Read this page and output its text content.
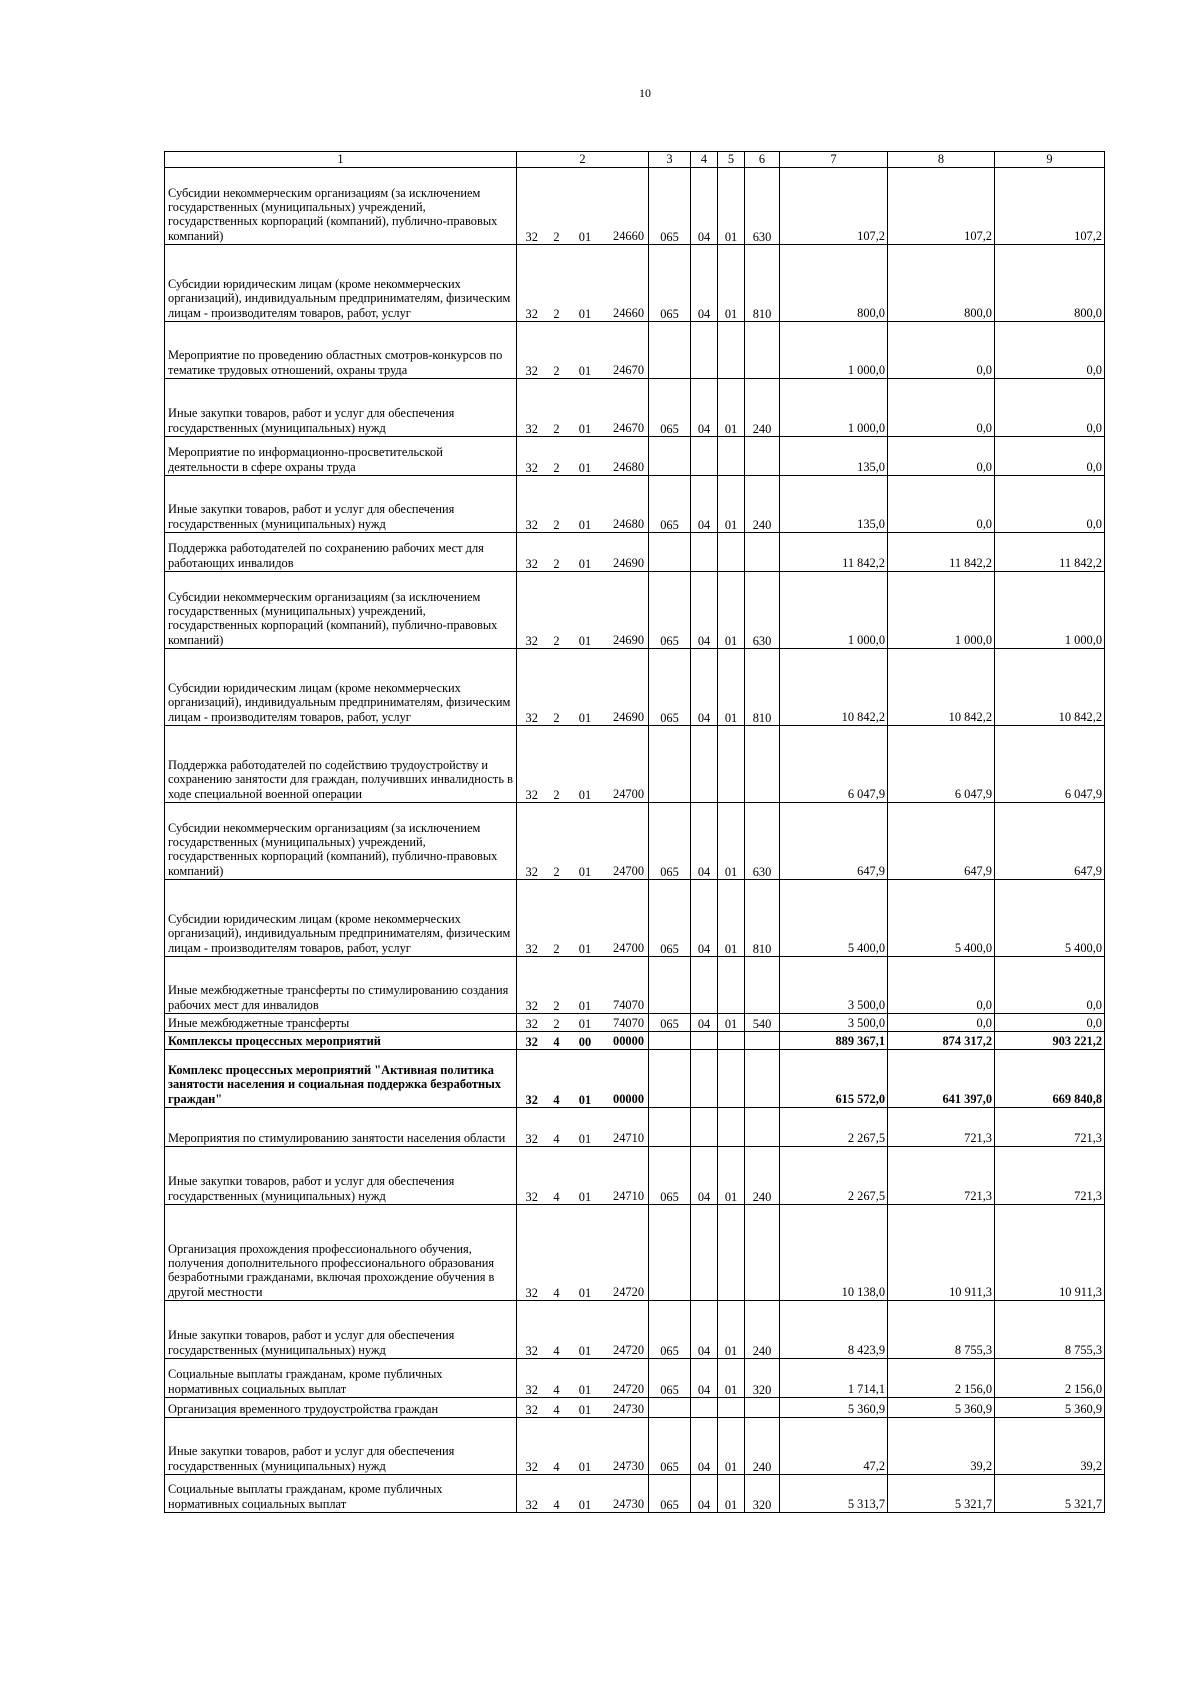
10
1	2				3	4	5	6	7	8	9
Субсидии некоммерческим организациям (за исключением государственных (муниципальных) учреждений, государственных корпораций (компаний), публично-правовых компаний)	32	2	01	24660	065	04	01	630	107,2	107,2	107,2
Субсидии юридическим лицам (кроме некоммерческих организаций), индивидуальным предпринимателям, физическим лицам - производителям товаров, работ, услуг	32	2	01	24660	065	04	01	810	800,0	800,0	800,0
Мероприятие по проведению областных смотров-конкурсов по тематике трудовых отношений, охраны труда	32	2	01	24670					1 000,0	0,0	0,0
Иные закупки товаров, работ и услуг для обеспечения государственных (муниципальных) нужд	32	2	01	24670	065	04	01	240	1 000,0	0,0	0,0
Мероприятие по информационно-просветительской деятельности в сфере охраны труда	32	2	01	24680					135,0	0,0	0,0
Иные закупки товаров, работ и услуг для обеспечения государственных (муниципальных) нужд	32	2	01	24680	065	04	01	240	135,0	0,0	0,0
Поддержка работодателей по сохранению рабочих мест для работающих инвалидов	32	2	01	24690					11 842,2	11 842,2	11 842,2
Субсидии некоммерческим организациям (за исключением государственных (муниципальных) учреждений, государственных корпораций (компаний), публично-правовых компаний)	32	2	01	24690	065	04	01	630	1 000,0	1 000,0	1 000,0
Субсидии юридическим лицам (кроме некоммерческих организаций), индивидуальным предпринимателям, физическим лицам - производителям товаров, работ, услуг	32	2	01	24690	065	04	01	810	10 842,2	10 842,2	10 842,2
Поддержка работодателей по содействию трудоустройству и сохранению занятости для граждан, получивших инвалидность в ходе специальной военной операции	32	2	01	24700					6 047,9	6 047,9	6 047,9
Субсидии некоммерческим организациям (за исключением государственных (муниципальных) учреждений, государственных корпораций (компаний), публично-правовых компаний)	32	2	01	24700	065	04	01	630	647,9	647,9	647,9
Субсидии юридическим лицам (кроме некоммерческих организаций), индивидуальным предпринимателям, физическим лицам - производителям товаров, работ, услуг	32	2	01	24700	065	04	01	810	5 400,0	5 400,0	5 400,0
Иные межбюджетные трансферты по стимулированию создания рабочих мест для инвалидов	32	2	01	74070					3 500,0	0,0	0,0
Иные межбюджетные трансферты	32	2	01	74070	065	04	01	540	3 500,0	0,0	0,0
Комплексы процессных мероприятий	32	4	00	00000					889 367,1	874 317,2	903 221,2
Комплекс процессных мероприятий "Активная политика занятости населения и социальная поддержка безработных граждан"	32	4	01	00000					615 572,0	641 397,0	669 840,8
Мероприятия по стимулированию занятости населения области	32	4	01	24710					2 267,5	721,3	721,3
Иные закупки товаров, работ и услуг для обеспечения государственных (муниципальных) нужд	32	4	01	24710	065	04	01	240	2 267,5	721,3	721,3
Организация прохождения профессионального обучения, получения дополнительного профессионального образования безработными гражданами, включая прохождение обучения в другой местности	32	4	01	24720					10 138,0	10 911,3	10 911,3
Иные закупки товаров, работ и услуг для обеспечения государственных (муниципальных) нужд	32	4	01	24720	065	04	01	240	8 423,9	8 755,3	8 755,3
Социальные выплаты гражданам, кроме публичных нормативных социальных выплат	32	4	01	24720	065	04	01	320	1 714,1	2 156,0	2 156,0
Организация временного трудоустройства граждан	32	4	01	24730					5 360,9	5 360,9	5 360,9
Иные закупки товаров, работ и услуг для обеспечения государственных (муниципальных) нужд	32	4	01	24730	065	04	01	240	47,2	39,2	39,2
Социальные выплаты гражданам, кроме публичных нормативных социальных выплат	32	4	01	24730	065	04	01	320	5 313,7	5 321,7	5 321,7
